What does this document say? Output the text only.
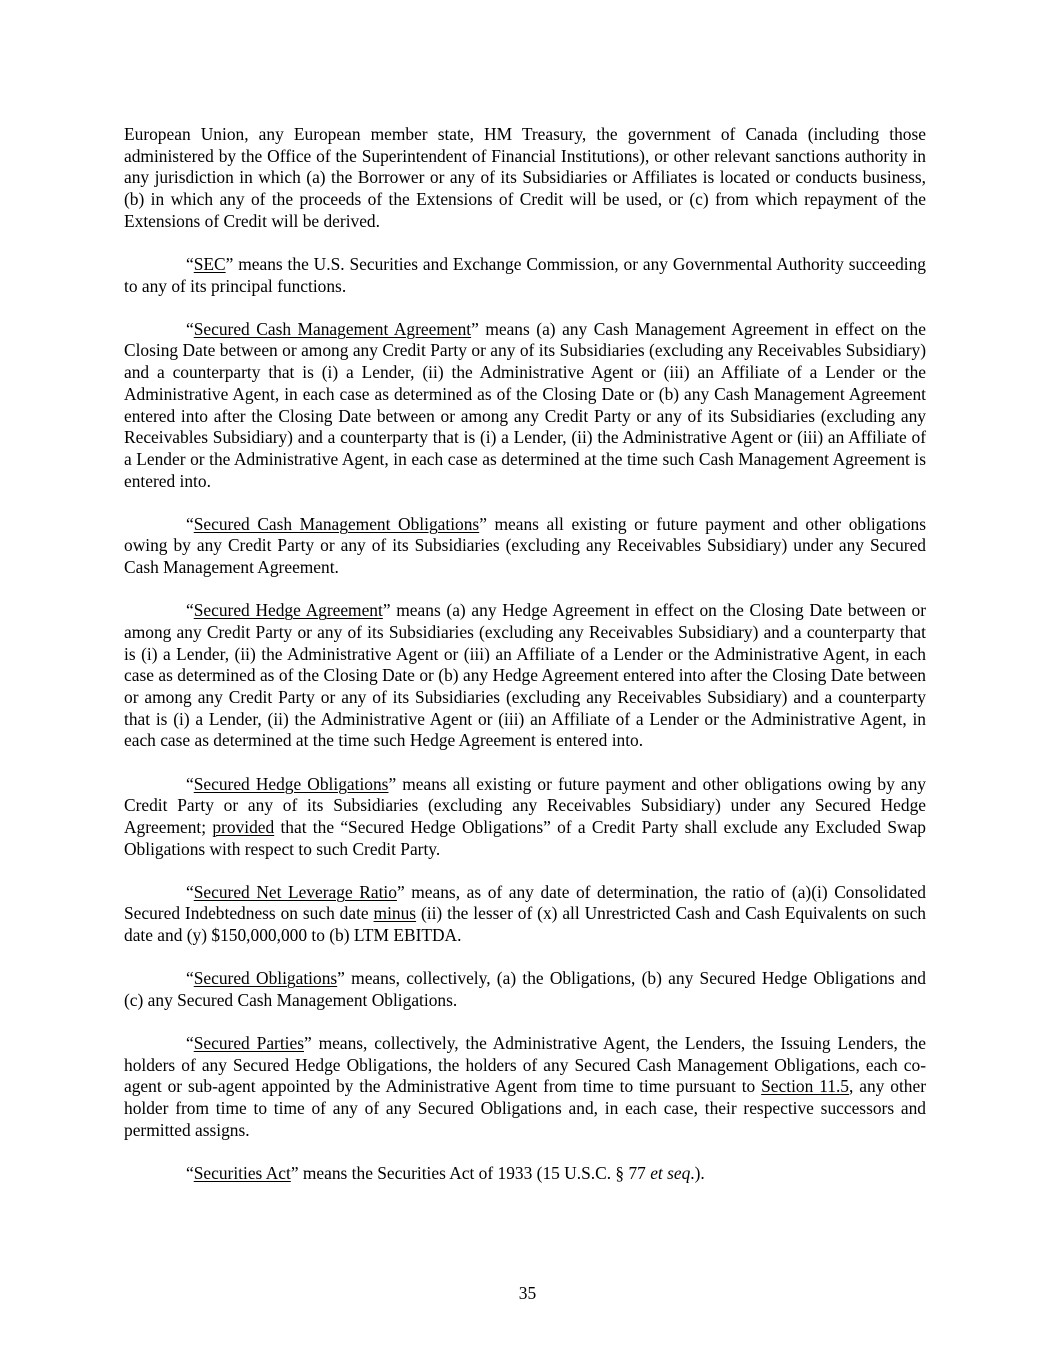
European Union, any European member state, HM Treasury, the government of Canada (including those administered by the Office of the Superintendent of Financial Institutions), or other relevant sanctions authority in any jurisdiction in which (a) the Borrower or any of its Subsidiaries or Affiliates is located or conducts business, (b) in which any of the proceeds of the Extensions of Credit will be used, or (c) from which repayment of the Extensions of Credit will be derived.

“SEC” means the U.S. Securities and Exchange Commission, or any Governmental Authority succeeding to any of its principal functions.

“Secured Cash Management Agreement” means (a) any Cash Management Agreement in effect on the Closing Date between or among any Credit Party or any of its Subsidiaries (excluding any Receivables Subsidiary) and a counterparty that is (i) a Lender, (ii) the Administrative Agent or (iii) an Affiliate of a Lender or the Administrative Agent, in each case as determined as of the Closing Date or (b) any Cash Management Agreement entered into after the Closing Date between or among any Credit Party or any of its Subsidiaries (excluding any Receivables Subsidiary) and a counterparty that is (i) a Lender, (ii) the Administrative Agent or (iii) an Affiliate of a Lender or the Administrative Agent, in each case as determined at the time such Cash Management Agreement is entered into.

“Secured Cash Management Obligations” means all existing or future payment and other obligations owing by any Credit Party or any of its Subsidiaries (excluding any Receivables Subsidiary) under any Secured Cash Management Agreement.

“Secured Hedge Agreement” means (a) any Hedge Agreement in effect on the Closing Date between or among any Credit Party or any of its Subsidiaries (excluding any Receivables Subsidiary) and a counterparty that is (i) a Lender, (ii) the Administrative Agent or (iii) an Affiliate of a Lender or the Administrative Agent, in each case as determined as of the Closing Date or (b) any Hedge Agreement entered into after the Closing Date between or among any Credit Party or any of its Subsidiaries (excluding any Receivables Subsidiary) and a counterparty that is (i) a Lender, (ii) the Administrative Agent or (iii) an Affiliate of a Lender or the Administrative Agent, in each case as determined at the time such Hedge Agreement is entered into.

“Secured Hedge Obligations” means all existing or future payment and other obligations owing by any Credit Party or any of its Subsidiaries (excluding any Receivables Subsidiary) under any Secured Hedge Agreement; provided that the “Secured Hedge Obligations” of a Credit Party shall exclude any Excluded Swap Obligations with respect to such Credit Party.

“Secured Net Leverage Ratio” means, as of any date of determination, the ratio of (a)(i) Consolidated Secured Indebtedness on such date minus (ii) the lesser of (x) all Unrestricted Cash and Cash Equivalents on such date and (y) $150,000,000 to (b) LTM EBITDA.

“Secured Obligations” means, collectively, (a) the Obligations, (b) any Secured Hedge Obligations and (c) any Secured Cash Management Obligations.

“Secured Parties” means, collectively, the Administrative Agent, the Lenders, the Issuing Lenders, the holders of any Secured Hedge Obligations, the holders of any Secured Cash Management Obligations, each co-agent or sub-agent appointed by the Administrative Agent from time to time pursuant to Section 11.5, any other holder from time to time of any of any Secured Obligations and, in each case, their respective successors and permitted assigns.

“Securities Act” means the Securities Act of 1933 (15 U.S.C. § 77 et seq.).

35
